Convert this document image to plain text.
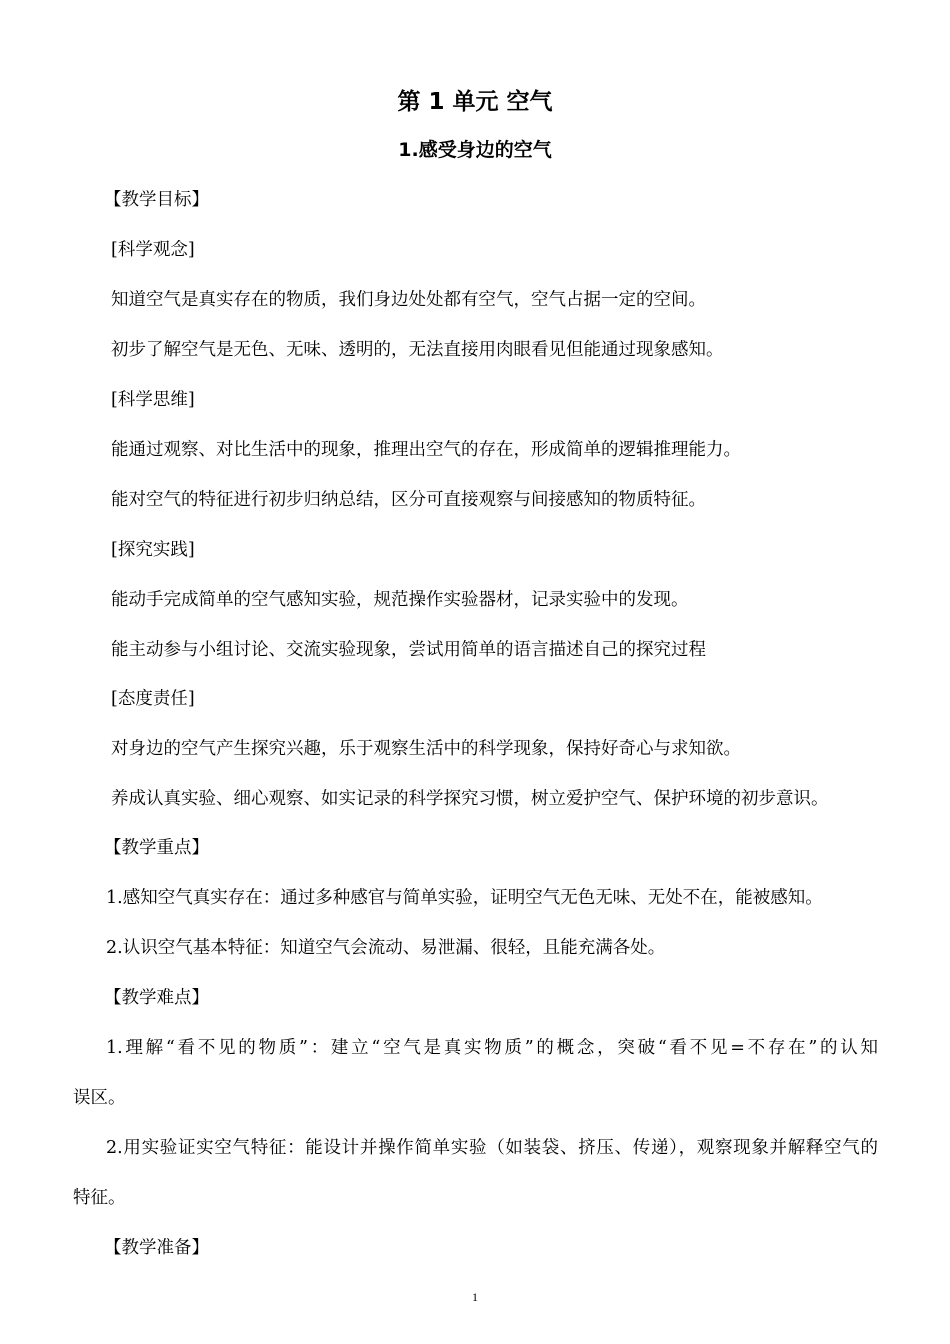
第 1 单元 空气
1.感受身边的空气
【教学目标】
[科学观念]
知道空气是真实存在的物质，我们身边处处都有空气，空气占据一定的空间。
初步了解空气是无色、无味、透明的，无法直接用肉眼看见但能通过现象感知。
[科学思维]
能通过观察、对比生活中的现象，推理出空气的存在，形成简单的逻辑推理能力。
能对空气的特征进行初步归纳总结，区分可直接观察与间接感知的物质特征。
[探究实践]
能动手完成简单的空气感知实验，规范操作实验器材，记录实验中的发现。
能主动参与小组讨论、交流实验现象，尝试用简单的语言描述自己的探究过程
[态度责任]
对身边的空气产生探究兴趣，乐于观察生活中的科学现象，保持好奇心与求知欲。
养成认真实验、细心观察、如实记录的科学探究习惯，树立爱护空气、保护环境的初步意识。
【教学重点】
1.感知空气真实存在：通过多种感官与简单实验，证明空气无色无味、无处不在，能被感知。
2.认识空气基本特征：知道空气会流动、易泄漏、很轻，且能充满各处。
【教学难点】
1.理解“看不见的物质”：建立“空气是真实物质”的概念，突破“看不见=不存在”的认知
误区。
2.用实验证实空气特征：能设计并操作简单实验（如装袋、挤压、传递），观察现象并解释空气的
特征。
【教学准备】
1
